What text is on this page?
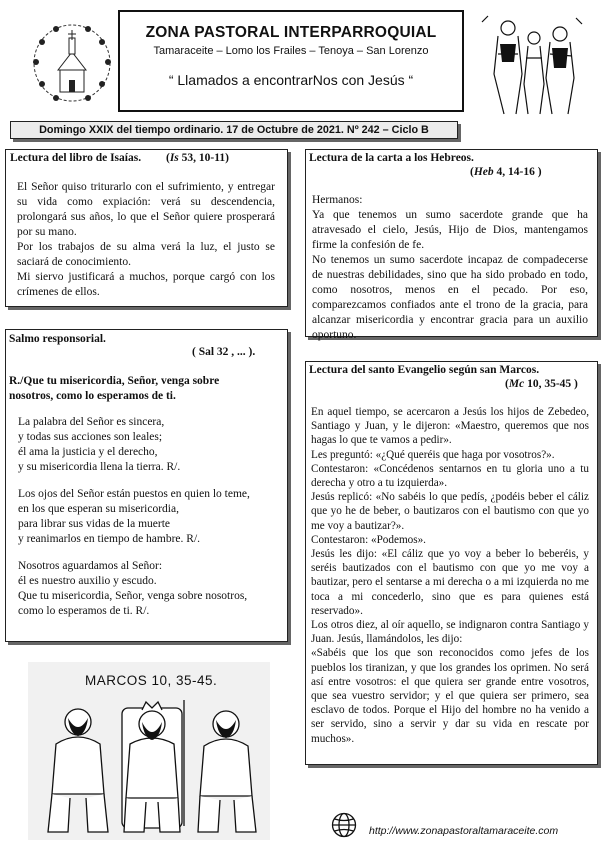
ZONA PASTORAL INTERPARROQUIAL
Tamaraceite – Lomo los Frailes – Tenoya – San Lorenzo
“ Llamados a encontrarNos con Jesús “
Domingo XXIX del tiempo ordinario. 17 de Octubre de 2021. Nº 242 – Ciclo B
Lectura del libro de Isaías. (Is 53, 10-11)

El Señor quiso triturarlo con el sufrimiento, y entregar su vida como expiación: verá su descendencia, prolongará sus años, lo que el Señor quiere prosperará por su mano.
Por los trabajos de su alma verá la luz, el justo se saciará de conocimiento.
Mi siervo justificará a muchos, porque cargó con los crímenes de ellos.

Salmo responsorial.
( Sal 32 , ... ).

R./Que tu misericordia, Señor, venga sobre nosotros, como lo esperamos de ti.

La palabra del Señor es sincera,
y todas sus acciones son leales;
él ama la justicia y el derecho,
y su misericordia llena la tierra. R/.
Los ojos del Señor están puestos en quien lo teme,
en los que esperan su misericordia,
para librar sus vidas de la muerte
y reanimarlos en tiempo de hambre. R/.
Nosotros aguardamos al Señor:
él es nuestro auxilio y escudo.
Que tu misericordia, Señor, venga sobre nosotros,
como lo esperamos de ti. R/.
Lectura de la carta a los Hebreos.
(Heb 4, 14-16 )

Hermanos:
Ya que tenemos un sumo sacerdote grande que ha atravesado el cielo, Jesús, Hijo de Dios, mantengamos firme la confesión de fe.
No tenemos un sumo sacerdote incapaz de compadecerse de nuestras debilidades, sino que ha sido probado en todo, como nosotros, menos en el pecado. Por eso, comparezcamos confiados ante el trono de la gracia, para alcanzar misericordia y encontrar gracia para un auxilio oportuno.

Lectura del santo Evangelio según san Marcos.
(Mc 10, 35-45 )

En aquel tiempo, se acercaron a Jesús los hijos de Zebedeo, Santiago y Juan, y le dijeron: «Maestro, queremos que nos hagas lo que te vamos a pedir».
Les preguntó: «¿Qué queréis que haga por vosotros?».
Contestaron: «Concédenos sentarnos en tu gloria uno a tu derecha y otro a tu izquierda».
Jesús replicó: «No sabéis lo que pedís, ¿podéis beber el cáliz que yo he de beber, o bautizaros con el bautismo con que yo me voy a bautizar?».
Contestaron: «Podemos».
Jesús les dijo: «El cáliz que yo voy a beber lo beberéis, y seréis bautizados con el bautismo con que yo me voy a bautizar, pero el sentarse a mi derecha o a mi izquierda no me toca a mi concederlo, sino que es para quienes está reservado».
Los otros diez, al oír aquello, se indignaron contra Santiago y Juan. Jesús, llamándolos, les dijo:
«Sabéis que los que son reconocidos como jefes de los pueblos los tiranizan, y que los grandes los oprimen. No será así entre vosotros: el que quiera ser grande entre vosotros, que sea vuestro servidor; y el que quiera ser primero, sea esclavo de todos. Porque el Hijo del hombre no ha venido a ser servido, sino a servir y dar su vida en rescate por muchos».

MARCOS 10, 35-45.
http://www.zonapastoraltamaraceite.com
